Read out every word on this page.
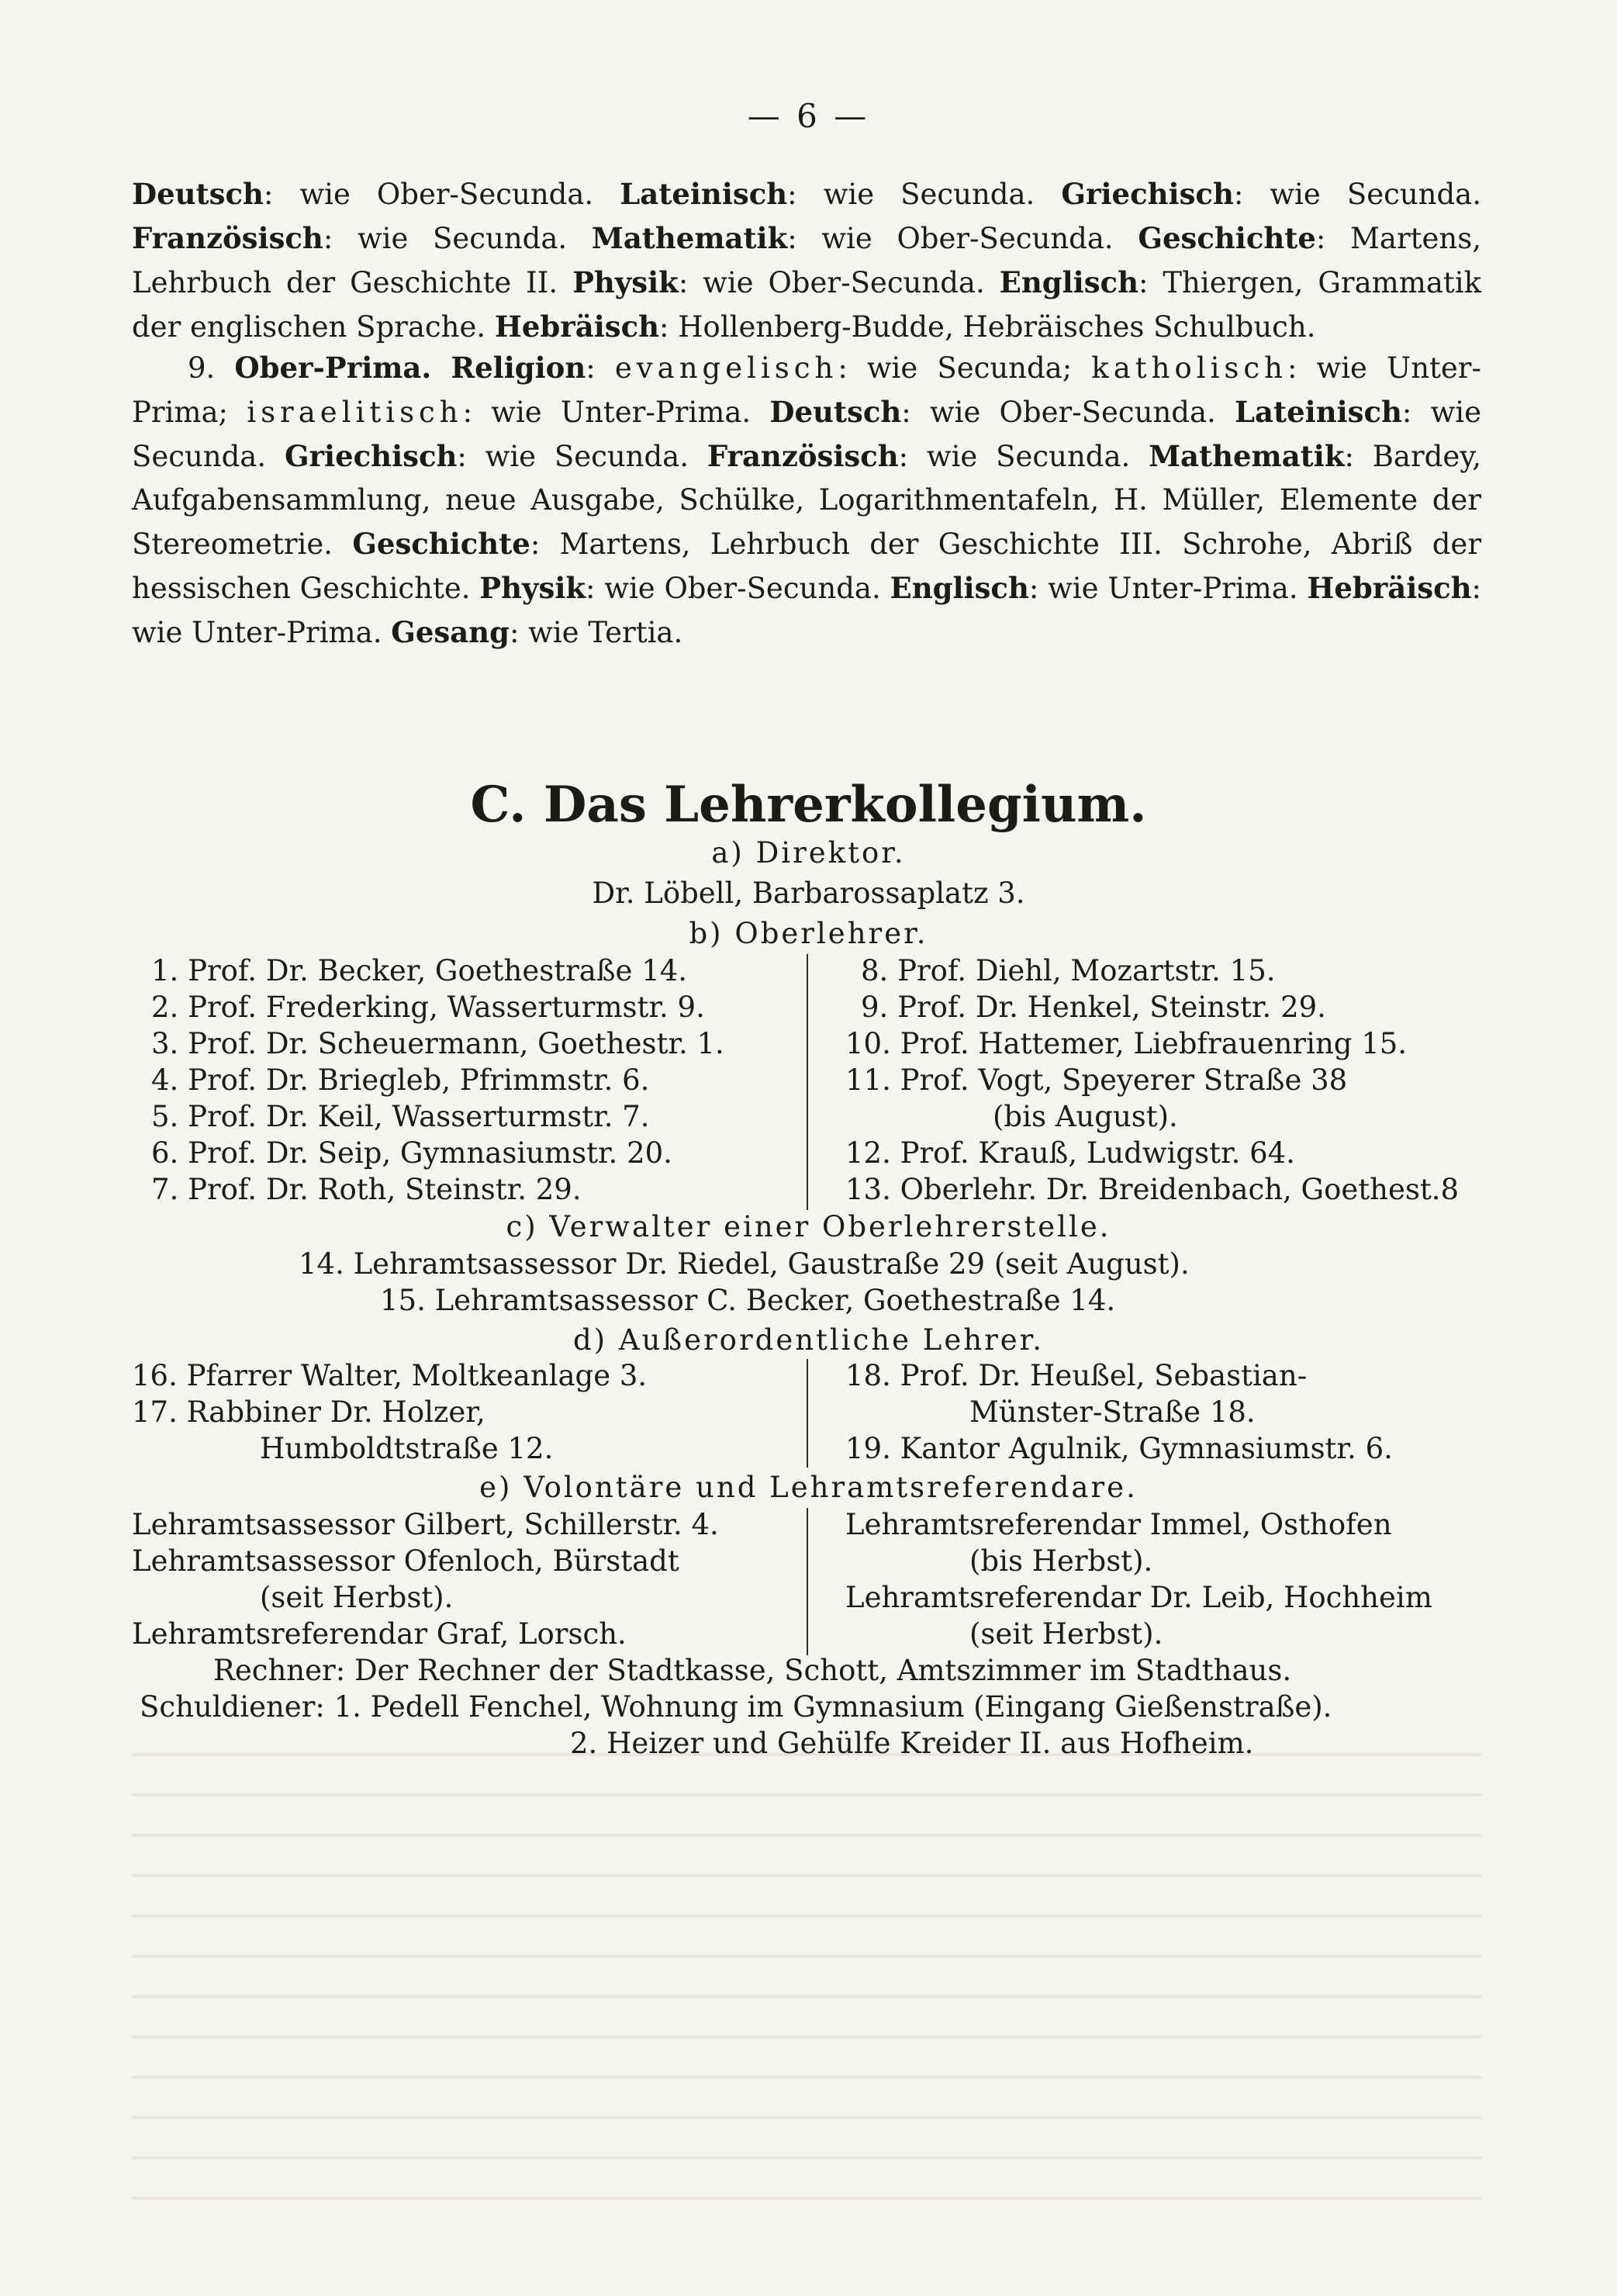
— 6 —
Deutsch: wie Ober-Secunda. Lateinisch: wie Secunda. Griechisch: wie Secunda. Französisch: wie Secunda. Mathematik: wie Ober-Secunda. Geschichte: Martens, Lehrbuch der Geschichte II. Physik: wie Ober-Secunda. Englisch: Thiergen, Grammatik der englischen Sprache. Hebräisch: Hollenberg-Budde, Hebräisches Schulbuch.
9. Ober-Prima. Religion: evangelisch: wie Secunda; katholisch: wie Unter-Prima; israelitisch: wie Unter-Prima. Deutsch: wie Ober-Secunda. Lateinisch: wie Secunda. Griechisch: wie Secunda. Französisch: wie Secunda. Mathematik: Bardey, Aufgabensammlung, neue Ausgabe, Schülke, Logarithmentafeln, H. Müller, Elemente der Stereometrie. Geschichte: Martens, Lehrbuch der Geschichte III. Schrohe, Abriß der hessischen Geschichte. Physik: wie Ober-Secunda. Englisch: wie Unter-Prima. Hebräisch: wie Unter-Prima. Gesang: wie Tertia.
C. Das Lehrerkollegium.
a) Direktor.
Dr. Löbell, Barbarossaplatz 3.
b) Oberlehrer.
1. Prof. Dr. Becker, Goethestraße 14.
2. Prof. Frederking, Wasserturmstr. 9.
3. Prof. Dr. Scheuermann, Goethestr. 1.
4. Prof. Dr. Briegleb, Pfrimmstr. 6.
5. Prof. Dr. Keil, Wasserturmstr. 7.
6. Prof. Dr. Seip, Gymnasiumstr. 20.
7. Prof. Dr. Roth, Steinstr. 29.
8. Prof. Diehl, Mozartstr. 15.
9. Prof. Dr. Henkel, Steinstr. 29.
10. Prof. Hattemer, Liebfrauenring 15.
11. Prof. Vogt, Speyerer Straße 38
(bis August).
12. Prof. Krauß, Ludwigstr. 64.
13. Oberlehr. Dr. Breidenbach, Goethest.8
c) Verwalter einer Oberlehrerstelle.
14. Lehramtsassessor Dr. Riedel, Gaustraße 29 (seit August).
15. Lehramtsassessor C. Becker, Goethestraße 14.
d) Außerordentliche Lehrer.
16. Pfarrer Walter, Moltkeanlage 3.
17. Rabbiner Dr. Holzer,
Humboldtstraße 12.
18. Prof. Dr. Heußel, Sebastian-
Münster-Straße 18.
19. Kantor Agulnik, Gymnasiumstr. 6.
e) Volontäre und Lehramtsreferendare.
Lehramtsassessor Gilbert, Schillerstr. 4.
Lehramtsassessor Ofenloch, Bürstadt
(seit Herbst).
Lehramtsreferendar Graf, Lorsch.
Lehramtsreferendar Immel, Osthofen
(bis Herbst).
Lehramtsreferendar Dr. Leib, Hochheim
(seit Herbst).
Rechner: Der Rechner der Stadtkasse, Schott, Amtszimmer im Stadthaus.
Schuldiener: 1. Pedell Fenchel, Wohnung im Gymnasium (Eingang Gießenstraße).
2. Heizer und Gehülfe Kreider II. aus Hofheim.
